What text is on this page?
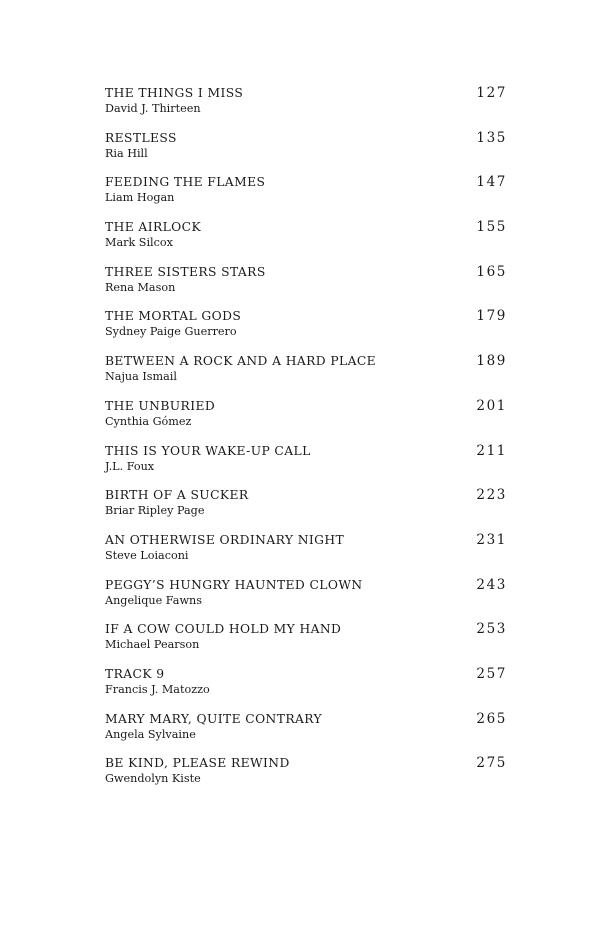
THE THINGS I MISS
David J. Thirteen
127
RESTLESS
Ria Hill
135
FEEDING THE FLAMES
Liam Hogan
147
THE AIRLOCK
Mark Silcox
155
THREE SISTERS STARS
Rena Mason
165
THE MORTAL GODS
Sydney Paige Guerrero
179
BETWEEN A ROCK AND A HARD PLACE
Najua Ismail
189
THE UNBURIED
Cynthia Gómez
201
THIS IS YOUR WAKE-UP CALL
J.L. Foux
211
BIRTH OF A SUCKER
Briar Ripley Page
223
AN OTHERWISE ORDINARY NIGHT
Steve Loiaconi
231
PEGGY’S HUNGRY HAUNTED CLOWN
Angelique Fawns
243
IF A COW COULD HOLD MY HAND
Michael Pearson
253
TRACK 9
Francis J. Matozzo
257
MARY MARY, QUITE CONTRARY
Angela Sylvaine
265
BE KIND, PLEASE REWIND
Gwendolyn Kiste
275
